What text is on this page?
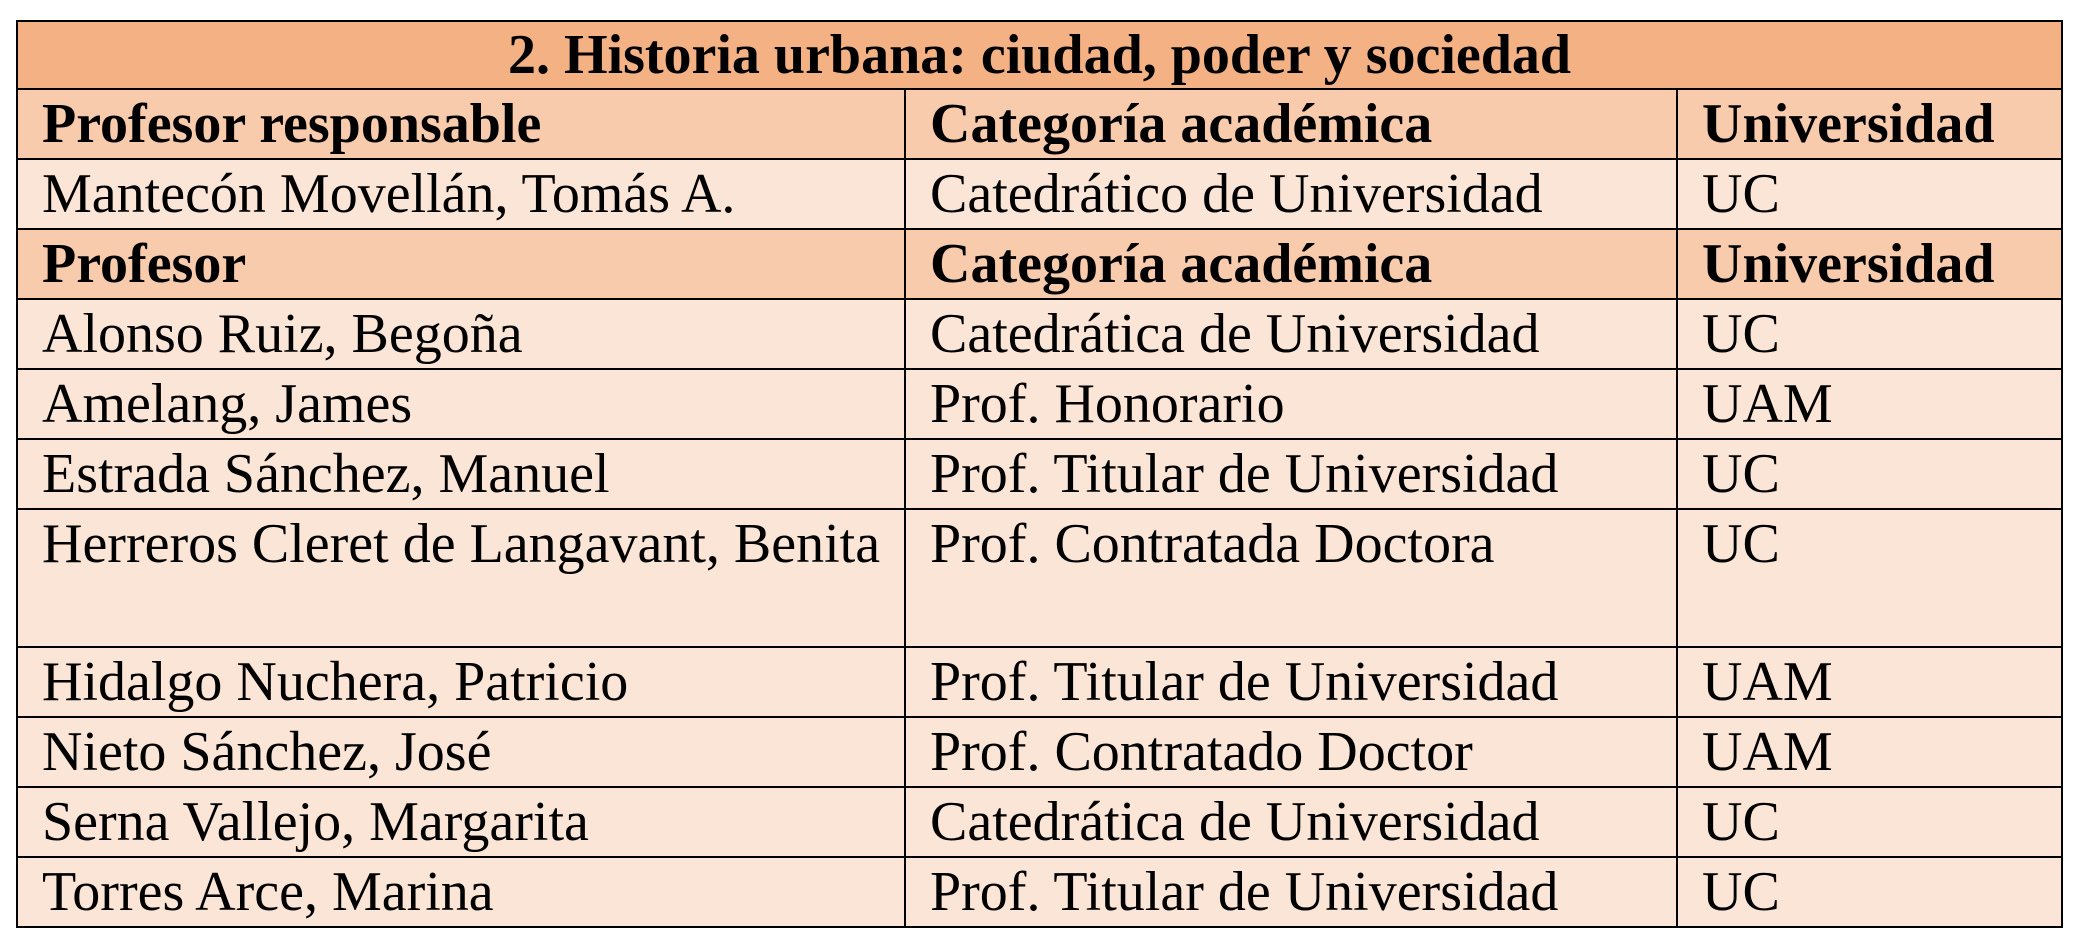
2. Historia urbana: ciudad, poder y sociedad		
Profesor responsable	Categoría académica	Universidad
Mantecón Movellán, Tomás A.	Catedrático de Universidad	UC
Profesor	Categoría académica	Universidad
Alonso Ruiz, Begoña	Catedrática de Universidad	UC
Amelang, James	Prof. Honorario	UAM
Estrada Sánchez, Manuel	Prof. Titular de Universidad	UC
Herreros Cleret de Langavant, Benita	Prof. Contratada Doctora	UC
Hidalgo Nuchera, Patricio	Prof. Titular de Universidad	UAM
Nieto Sánchez, José	Prof. Contratado Doctor	UAM
Serna Vallejo, Margarita	Catedrática de Universidad	UC
Torres Arce, Marina	Prof. Titular de Universidad	UC
